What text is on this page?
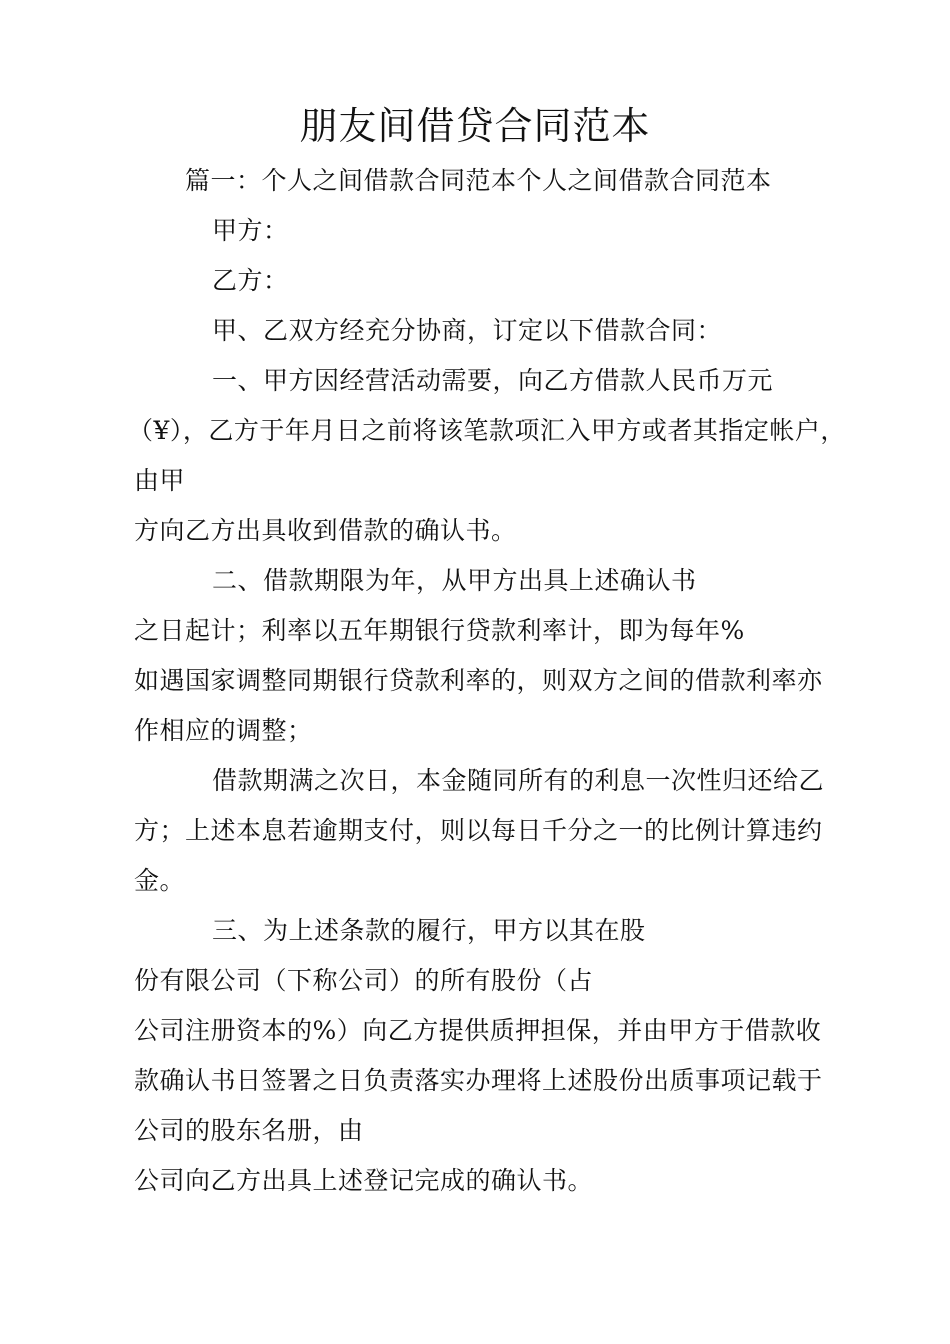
朋友间借贷合同范本
篇一：个人之间借款合同范本个人之间借款合同范本
甲方：
乙方：
甲、乙双方经充分协商，订定以下借款合同：
一、甲方因经营活动需要，向乙方借款人民币万元
（¥），乙方于年月日之前将该笔款项汇入甲方或者其指定帐户，
由甲
方向乙方出具收到借款的确认书。
二、借款期限为年，从甲方出具上述确认书
之日起计；利率以五年期银行贷款利率计，即为每年%
如遇国家调整同期银行贷款利率的，则双方之间的借款利率亦
作相应的调整；
借款期满之次日，本金随同所有的利息一次性归还给乙
方；上述本息若逾期支付，则以每日千分之一的比例计算违约
金。
三、为上述条款的履行，甲方以其在股
份有限公司（下称公司）的所有股份（占
公司注册资本的%）向乙方提供质押担保，并由甲方于借款收
款确认书日签署之日负责落实办理将上述股份出质事项记载于
公司的股东名册，由
公司向乙方出具上述登记完成的确认书。
